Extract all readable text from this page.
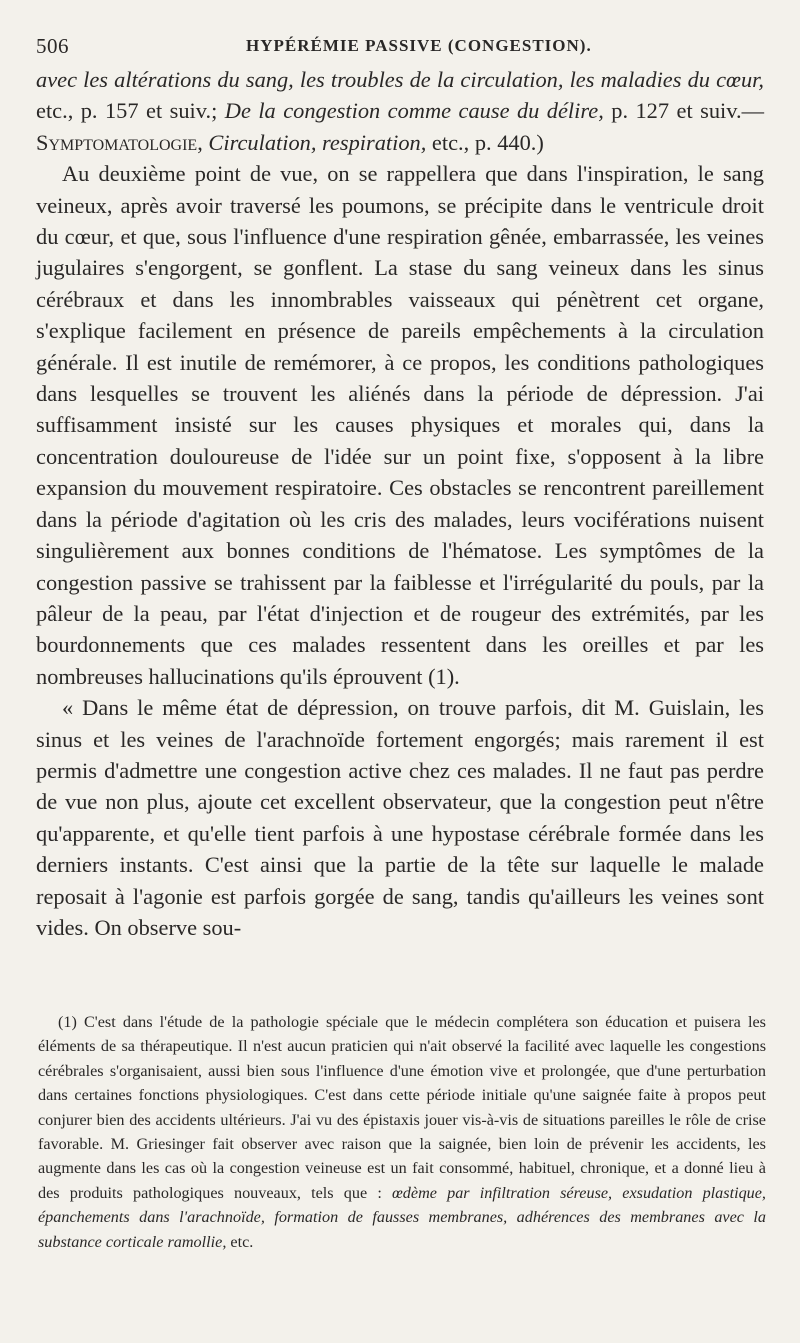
506	HYPÉRÉMIE PASSIVE (CONGESTION).

avec les altérations du sang, les troubles de la circulation, les maladies du cœur, etc., p. 157 et suiv.; De la congestion comme cause du délire, p. 127 et suiv.— Symptomatologie, Circulation, respiration, etc., p. 440.)

Au deuxième point de vue, on se rappellera que dans l'inspiration, le sang veineux, après avoir traversé les poumons, se précipite dans le ventricule droit du cœur, et que, sous l'influence d'une respiration gênée, embarrassée, les veines jugulaires s'engorgent, se gonflent. La stase du sang veineux dans les sinus cérébraux et dans les innombrables vaisseaux qui pénètrent cet organe, s'explique facilement en présence de pareils empêchements à la circulation générale. Il est inutile de remémorer, à ce propos, les conditions pathologiques dans lesquelles se trouvent les aliénés dans la période de dépression. J'ai suffisamment insisté sur les causes physiques et morales qui, dans la concentration douloureuse de l'idée sur un point fixe, s'opposent à la libre expansion du mouvement respiratoire. Ces obstacles se rencontrent pareillement dans la période d'agitation où les cris des malades, leurs vociférations nuisent singulièrement aux bonnes conditions de l'hématose. Les symptômes de la congestion passive se trahissent par la faiblesse et l'irrégularité du pouls, par la pâleur de la peau, par l'état d'injection et de rougeur des extrémités, par les bourdonnements que ces malades ressentent dans les oreilles et par les nombreuses hallucinations qu'ils éprouvent (1).

« Dans le même état de dépression, on trouve parfois, dit M. Guislain, les sinus et les veines de l'arachnoïde fortement engorgés; mais rarement il est permis d'admettre une congestion active chez ces malades. Il ne faut pas perdre de vue non plus, ajoute cet excellent observateur, que la congestion peut n'être qu'apparente, et qu'elle tient parfois à une hypostase cérébrale formée dans les derniers instants. C'est ainsi que la partie de la tête sur laquelle le malade reposait à l'agonie est parfois gorgée de sang, tandis qu'ailleurs les veines sont vides. On observe sou-

(1) C'est dans l'étude de la pathologie spéciale que le médecin complétera son éducation et puisera les éléments de sa thérapeutique. Il n'est aucun praticien qui n'ait observé la facilité avec laquelle les congestions cérébrales s'organisaient, aussi bien sous l'influence d'une émotion vive et prolongée, que d'une perturbation dans certaines fonctions physiologiques. C'est dans cette période initiale qu'une saignée faite à propos peut conjurer bien des accidents ultérieurs. J'ai vu des épistaxis jouer vis-à-vis de situations pareilles le rôle de crise favorable. M. Griesinger fait observer avec raison que la saignée, bien loin de prévenir les accidents, les augmente dans les cas où la congestion veineuse est un fait consommé, habituel, chronique, et a donné lieu à des produits pathologiques nouveaux, tels que : œdème par infiltration séreuse, exsudation plastique, épanchements dans l'arachnoïde, formation de fausses membranes, adhérences des membranes avec la substance corticale ramollie, etc.
